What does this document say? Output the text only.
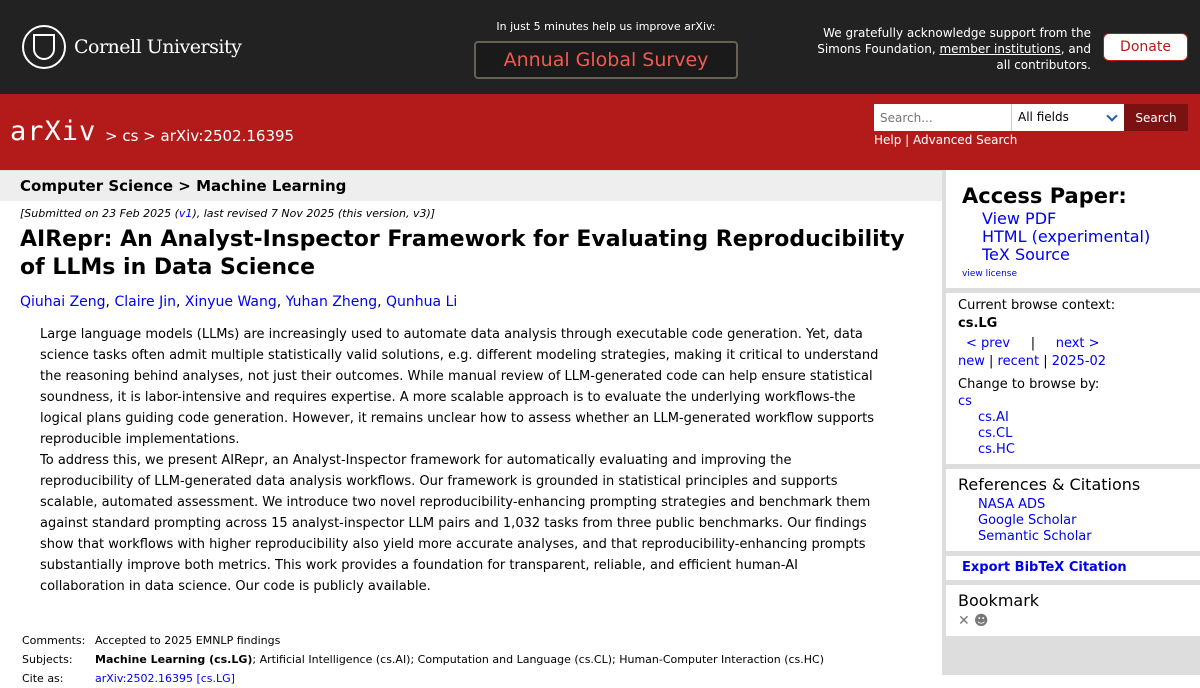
Cornell University
In just 5 minutes help us improve arXiv:
Annual Global Survey
We gratefully acknowledge support from the
Simons Foundation, member institutions, and
all contributors.
Donate
arXiv > cs > arXiv:2502.16395
Search...
All fields	Search
Help | Advanced Search
Computer Science > Machine Learning
[Submitted on 23 Feb 2025 (v1), last revised 7 Nov 2025 (this version, v3)]
AIRepr: An Analyst-Inspector Framework for Evaluating Reproducibility of LLMs in Data Science
Qiuhai Zeng, Claire Jin, Xinyue Wang, Yuhan Zheng, Qunhua Li
Large language models (LLMs) are increasingly used to automate data analysis through executable code generation. Yet, data
science tasks often admit multiple statistically valid solutions, e.g. different modeling strategies, making it critical to understand
the reasoning behind analyses, not just their outcomes. While manual review of LLM-generated code can help ensure statistical
soundness, it is labor-intensive and requires expertise. A more scalable approach is to evaluate the underlying workflows-the
logical plans guiding code generation. However, it remains unclear how to assess whether an LLM-generated workflow supports
reproducible implementations.
To address this, we present AIRepr, an Analyst-Inspector framework for automatically evaluating and improving the
reproducibility of LLM-generated data analysis workflows. Our framework is grounded in statistical principles and supports
scalable, automated assessment. We introduce two novel reproducibility-enhancing prompting strategies and benchmark them
against standard prompting across 15 analyst-inspector LLM pairs and 1,032 tasks from three public benchmarks. Our findings
show that workflows with higher reproducibility also yield more accurate analyses, and that reproducibility-enhancing prompts
substantially improve both metrics. This work provides a foundation for transparent, reliable, and efficient human-AI
collaboration in data science. Our code is publicly available.
Comments: Accepted to 2025 EMNLP findings
Subjects:	Machine Learning (cs.LG); Artificial Intelligence (cs.AI); Computation and Language (cs.CL); Human-Computer Interaction (cs.HC)
Cite as:	arXiv:2502.16395 [cs.LG]
Access Paper:
View PDF
HTML (experimental)
TeX Source
view license
Current browse context:
cs.LG
< prev     |     next >
new | recent | 2025-02
Change to browse by:
cs
cs.AI
cs.CL
cs.HC
References & Citations
NASA ADS
Google Scholar
Semantic Scholar
Export BibTeX Citation
Bookmark
✕ ☻
